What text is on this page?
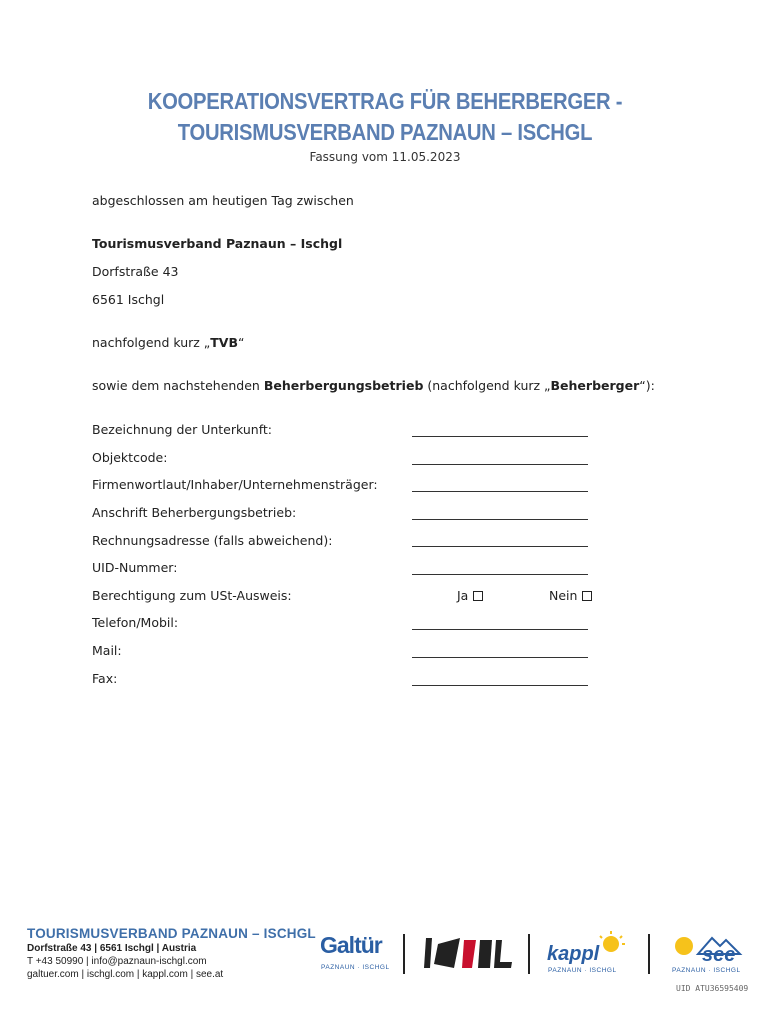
KOOPERATIONSVERTRAG FÜR BEHERBERGER -
TOURISMUSVERBAND PAZNAUN – ISCHGL
Fassung vom 11.05.2023
abgeschlossen am heutigen Tag zwischen
Tourismusverband Paznaun – Ischgl
Dorfstraße 43
6561 Ischgl
nachfolgend kurz „TVB“
sowie dem nachstehenden Beherbergungsbetrieb (nachfolgend kurz „Beherberger“):
Bezeichnung der Unterkunft:
Objektcode:
Firmenwortlaut/Inhaber/Unternehmensträger:
Anschrift Beherbergungsbetrieb:
Rechnungsadresse (falls abweichend):
UID-Nummer:
Berechtigung zum USt-Ausweis:	Ja	Nein
Telefon/Mobil:
Mail:
Fax:
TOURISMUSVERBAND PAZNAUN – ISCHGL
Dorfstraße 43 | 6561 Ischgl | Austria
T +43 50990 | info@paznaun-ischgl.com
galtuer.com | ischgl.com | kappl.com | see.at
Galtür
PAZNAUN · ISCHGL
kappl
PAZNAUN · ISCHGL
see
PAZNAUN · ISCHGL
UID ATU36595409
